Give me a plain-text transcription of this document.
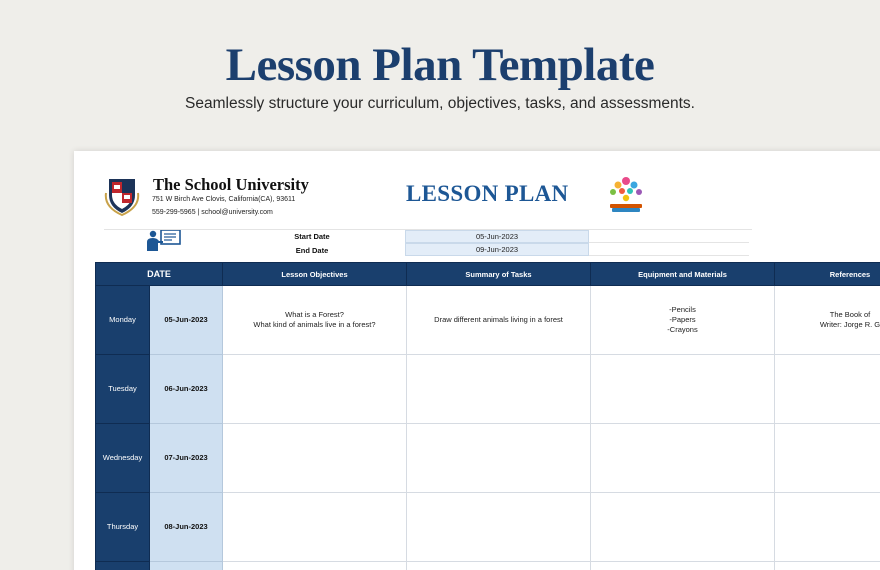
Lesson Plan Template
Seamlessly structure your curriculum, objectives, tasks, and assessments.
The School University
751 W Birch Ave Clovis, California(CA), 93611
559-299-5965 | school@university.com
LESSON PLAN
Start Date	05-Jun-2023
End Date	09-Jun-2023
DATE		Lesson Objectives	Summary of Tasks	Equipment and Materials	References
Monday	05-Jun-2023	What is a Forest?
What kind of animals live in a forest?	Draw different animals living in a forest	-Pencils
-Papers
-Crayons	The Book of
Writer: Jorge R. G

Tuesday	06-Jun-2023				
Wednesday	07-Jun-2023				
Thursday	08-Jun-2023				
